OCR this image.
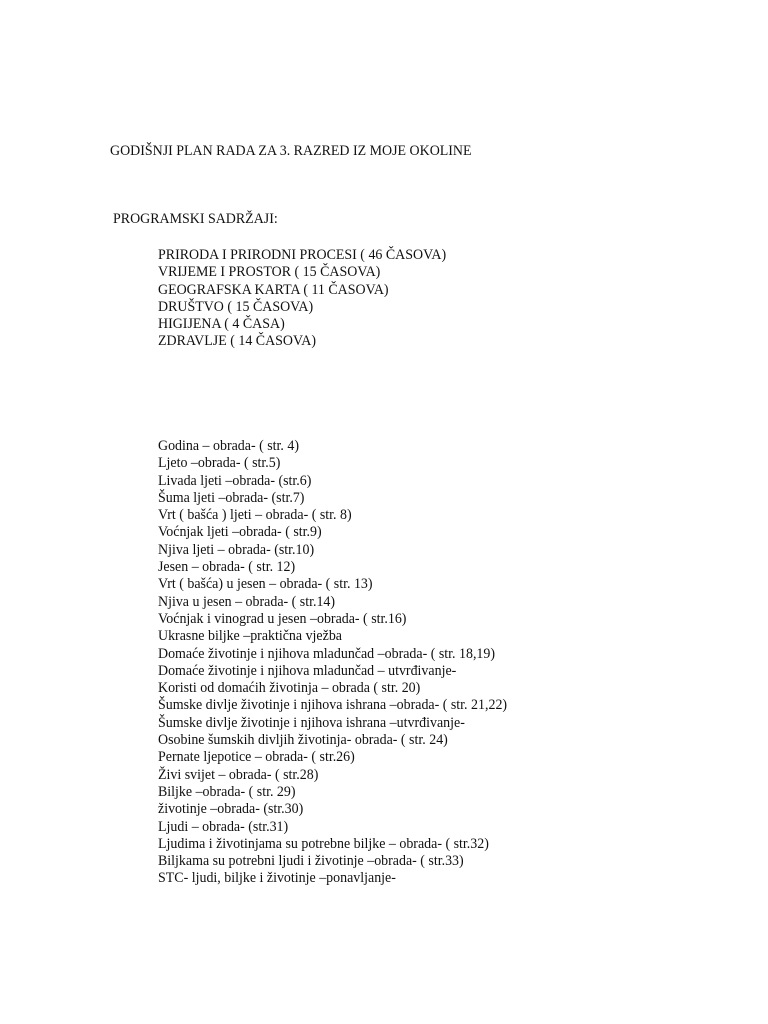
GODIŠNJI PLAN RADA ZA 3. RAZRED IZ MOJE OKOLINE
PROGRAMSKI SADRŽAJI:
PRIRODA I PRIRODNI PROCESI ( 46 ČASOVA)
VRIJEME I PROSTOR ( 15 ČASOVA)
GEOGRAFSKA KARTA ( 11 ČASOVA)
DRUŠTVO ( 15 ČASOVA)
HIGIJENA ( 4 ČASA)
ZDRAVLJE ( 14 ČASOVA)
Godina – obrada- ( str. 4)
Ljeto –obrada- ( str.5)
Livada ljeti –obrada- (str.6)
Šuma ljeti –obrada- (str.7)
Vrt ( bašća ) ljeti – obrada- ( str. 8)
Voćnjak ljeti –obrada- ( str.9)
Njiva ljeti – obrada- (str.10)
Jesen – obrada- ( str. 12)
Vrt ( bašća) u jesen – obrada- ( str. 13)
Njiva u jesen – obrada- ( str.14)
Voćnjak i vinograd u jesen –obrada- ( str.16)
Ukrasne biljke –praktična vježba
Domaće životinje i njihova mladunčad –obrada- ( str. 18,19)
Domaće životinje i njihova mladunčad – utvrđivanje-
Koristi od domaćih životinja – obrada ( str. 20)
Šumske divlje životinje i njihova ishrana –obrada- ( str. 21,22)
Šumske divlje životinje i njihova ishrana –utvrđivanje-
Osobine šumskih divljih životinja- obrada- ( str. 24)
Pernate ljepotice – obrada- ( str.26)
Živi svijet – obrada- ( str.28)
Biljke –obrada- ( str. 29)
životinje –obrada- (str.30)
Ljudi – obrada- (str.31)
Ljudima i životinjama su potrebne biljke – obrada- ( str.32)
Biljkama su potrebni ljudi i životinje –obrada- ( str.33)
STC- ljudi, biljke i životinje –ponavljanje-
